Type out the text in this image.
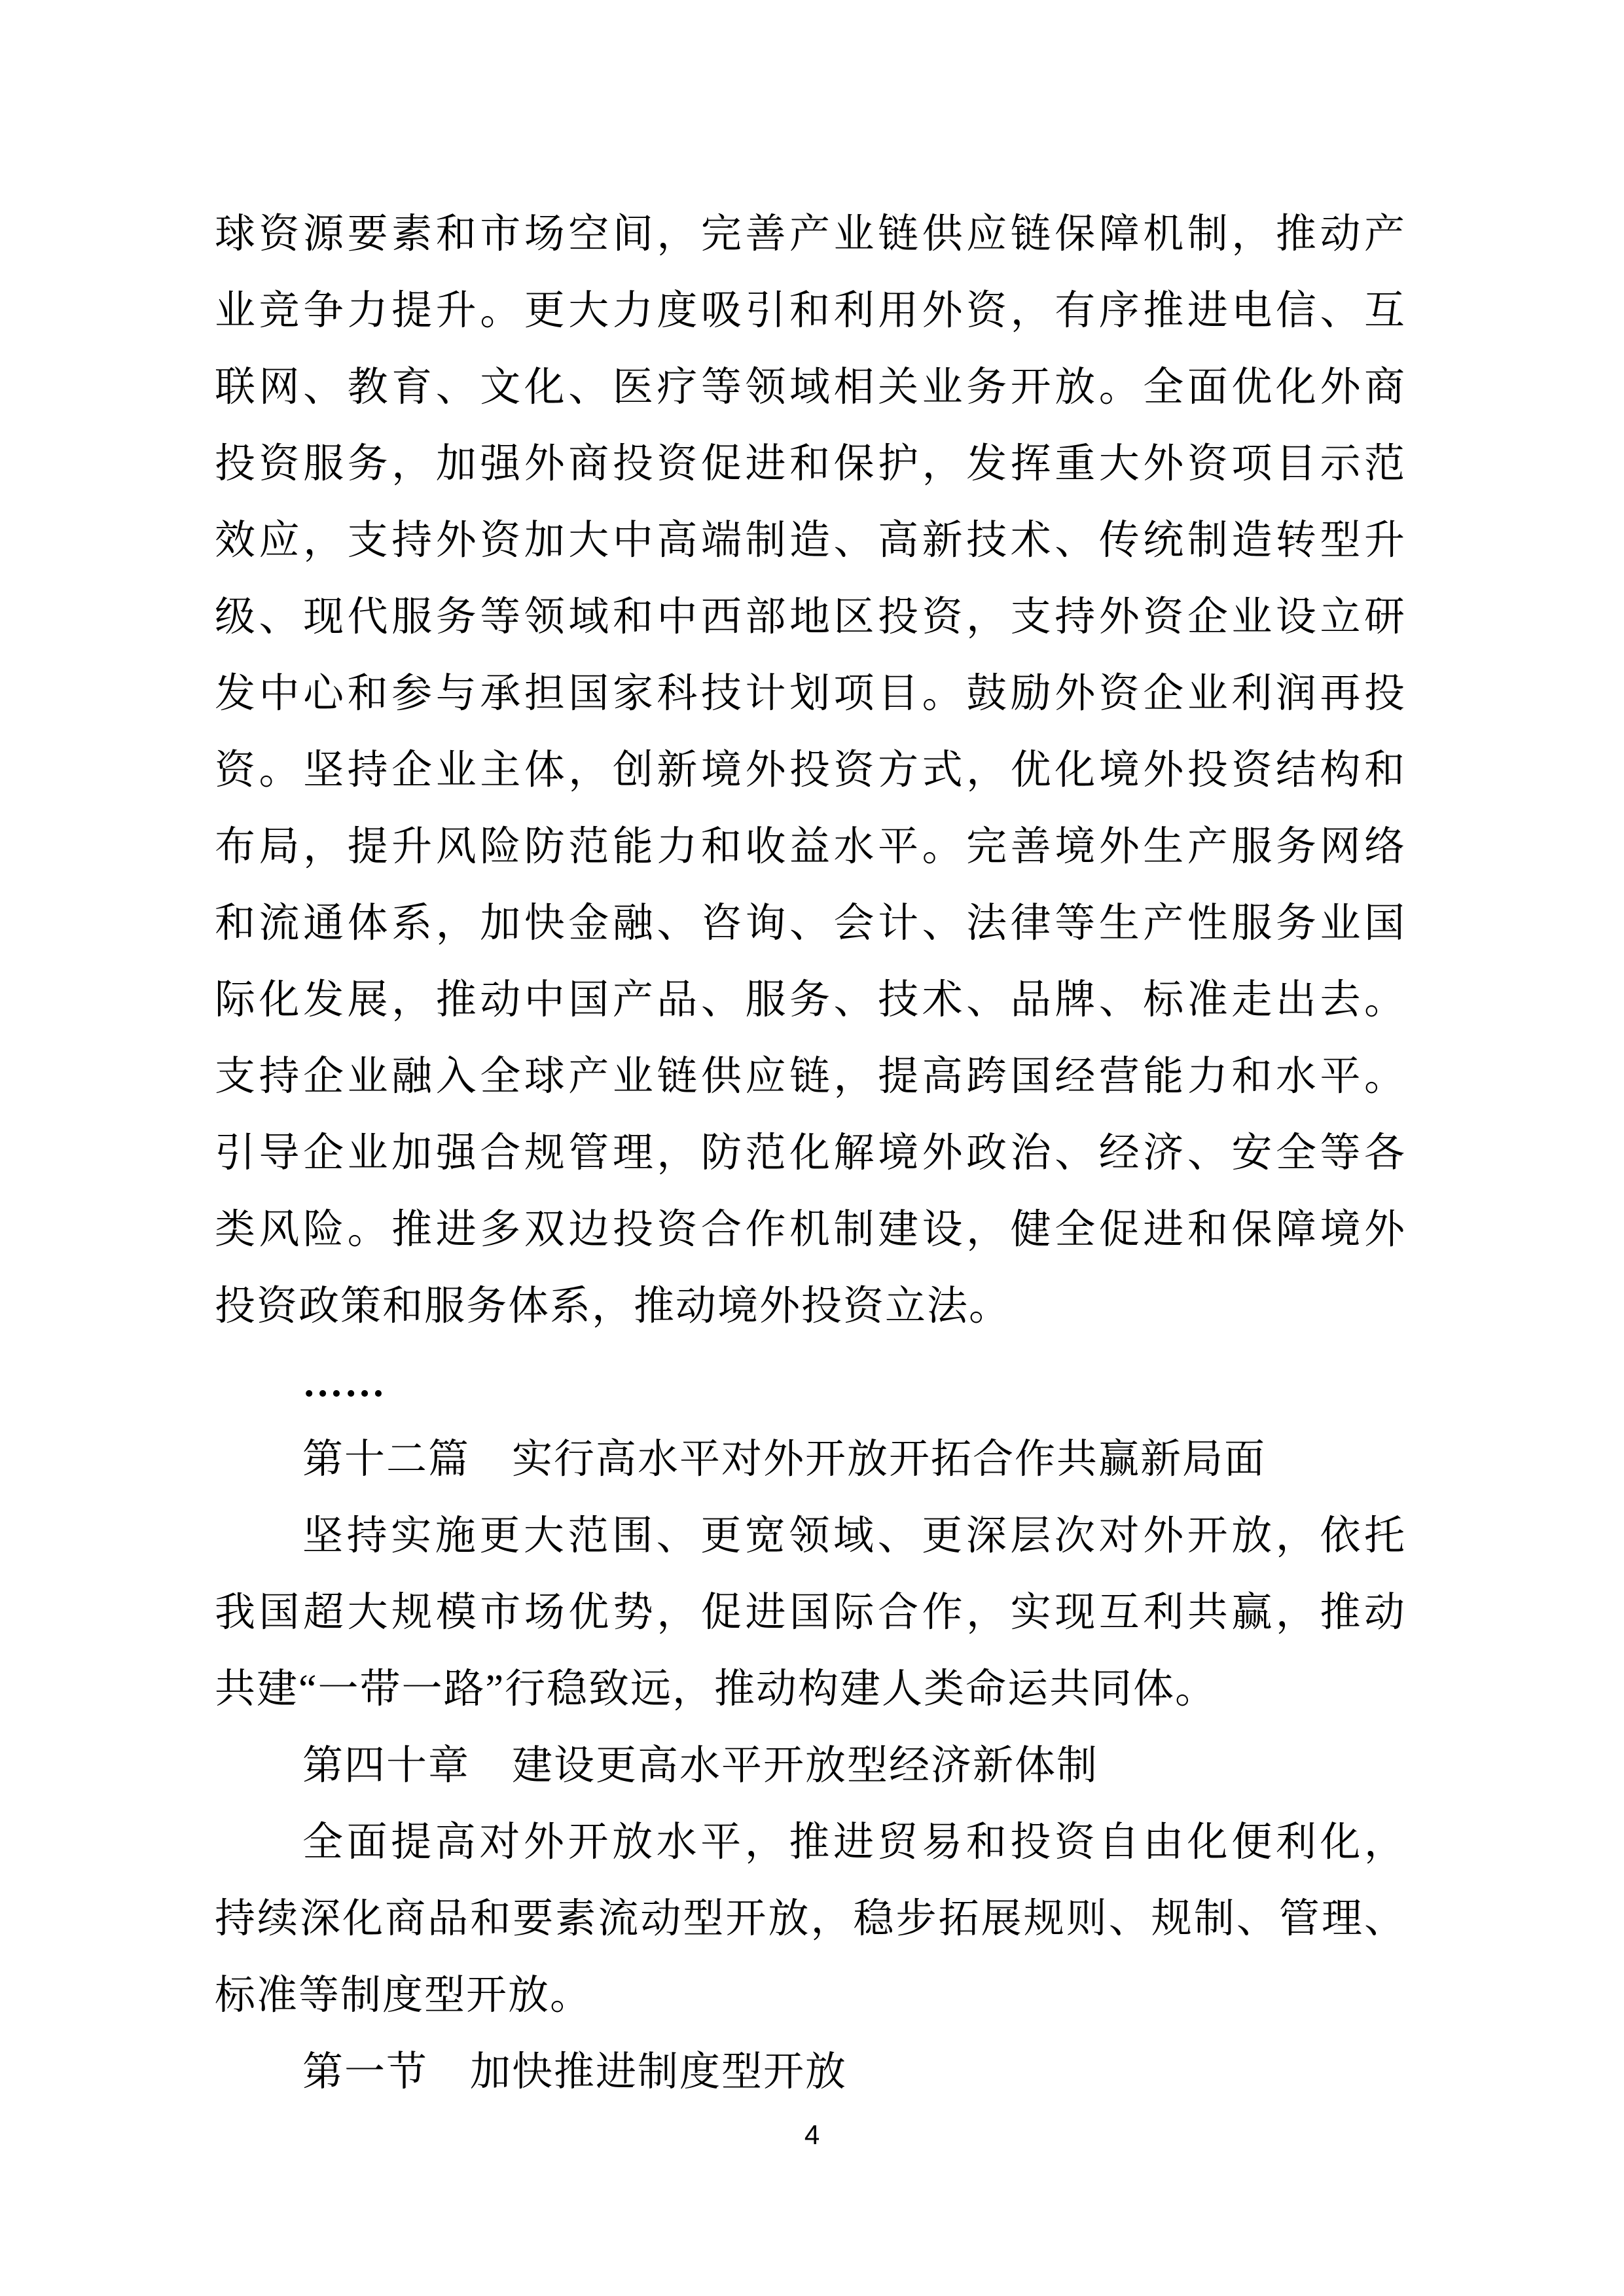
球资源要素和市场空间，完善产业链供应链保障机制，推动产
业竞争力提升。更大力度吸引和利用外资，有序推进电信、互
联网、教育、文化、医疗等领域相关业务开放。全面优化外商
投资服务，加强外商投资促进和保护，发挥重大外资项目示范
效应，支持外资加大中高端制造、高新技术、传统制造转型升
级、现代服务等领域和中西部地区投资，支持外资企业设立研
发中心和参与承担国家科技计划项目。鼓励外资企业利润再投
资。坚持企业主体，创新境外投资方式，优化境外投资结构和
布局，提升风险防范能力和收益水平。完善境外生产服务网络
和流通体系，加快金融、咨询、会计、法律等生产性服务业国
际化发展，推动中国产品、服务、技术、品牌、标准走出去。
支持企业融入全球产业链供应链，提高跨国经营能力和水平。
引导企业加强合规管理，防范化解境外政治、经济、安全等各
类风险。推进多双边投资合作机制建设，健全促进和保障境外
投资政策和服务体系，推动境外投资立法。
……
第十二篇　实行高水平对外开放开拓合作共赢新局面
坚持实施更大范围、更宽领域、更深层次对外开放，依托
我国超大规模市场优势，促进国际合作，实现互利共赢，推动
共建“一带一路”行稳致远，推动构建人类命运共同体。
第四十章　建设更高水平开放型经济新体制
全面提高对外开放水平，推进贸易和投资自由化便利化，
持续深化商品和要素流动型开放，稳步拓展规则、规制、管理、
标准等制度型开放。
第一节　加快推进制度型开放
4
